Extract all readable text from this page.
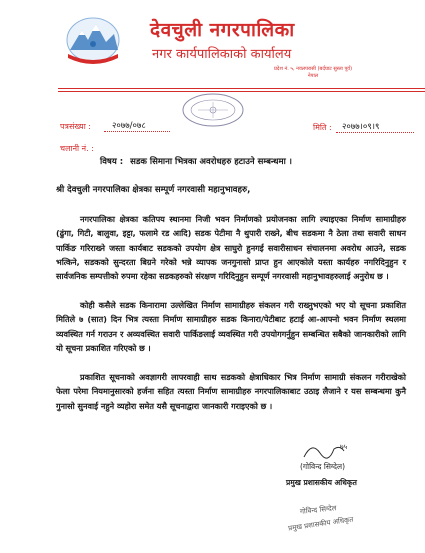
देवचुली नगरपालिका
नगर कार्यपालिकाको कार्यालय
प्रदेश नं. ५, नवलपरासी (बर्दघाट सुस्ता पूर्व)
नेपाल
पत्रसंख्या : २०७७/०७८
चलानी नं. :
मिति : २०७७।०९।९
विषय : सडक सिमाना भित्रका अवरोधहरु हटाउने सम्बन्धमा ।
श्री देवचुली नगरपालिका क्षेत्रका सम्पूर्ण नगरवासी महानुभावहरु,

नगरपालिका क्षेत्रका कतिपय स्थानमा निजी भवन निर्माणको प्रयोजनका लागि ल्याइएका निर्माण सामाग्रीहरु (ढुंगा, गिटी, बालुवा, इट्टा, फलामे रड आदि) सडक पेटीमा नै थुपारी राख्ने, बीच सडकमा नै ठेला तथा सवारी साधन पार्किङ गरिराख्ने जस्ता कार्यबाट सडकको उपयोग क्षेत्र साघुरो हुनगई सवारीसाधन संचालनमा अवरोध आउने, सडक भत्किने, सडकको सुन्दरता बिग्रने गरेको भन्ने व्यापक जनगुनासो प्राप्त हुन आएकोले यस्ता कार्यहरु नगरिदिनुहुन र सार्वजनिक सम्पत्तीको रुपमा रहेका सडकहरुको संरक्षण गरिदिनुहुन सम्पूर्ण नगरवासी महानुभावहरुलाई अनुरोध छ ।

कोही कसैले सडक किनारामा उल्लेखित निर्माण सामाग्रीहरु संकलन गरी राख्नुभएको भए यो सूचना प्रकाशित मितिले ७ (सात) दिन भित्र त्यस्ता निर्माण सामाग्रीहरु सडक किनारा/पेटीबाट हटाई आ-आफ्नो भवन निर्माण स्थलमा व्यवस्थित गर्न गराउन र अव्यवस्थित सवारी पार्किङलाई व्यवस्थित गरी उपयोगगर्नुहुन सम्बन्धित सबैको जानकारीको लागि यो सूचना प्रकाशित गरिएको छ ।

प्रकाशित सूचनाको अवज्ञागरी लापरवाही साथ सडकको क्षेत्राधिकार भित्र निर्माण सामाग्री संकलन गरीराखेको फेला परेमा नियमानुसारको हर्जना सहित त्यस्ता निर्माण सामाग्रीहरु नगरपालिकाबाट उठाइ लैजाने र यस सम्बन्धमा कुनै गुनासो सुनवाई नहुने व्यहोरा समेत यसै सूचनाद्वारा जानकारी गराइएको छ ।

७५
(गोविन्द सिग्देल)
प्रमुख प्रशासकीय अधिकृत
गोविन्द सिग्देल
प्रमुख प्रशासकीय अधिकृत
